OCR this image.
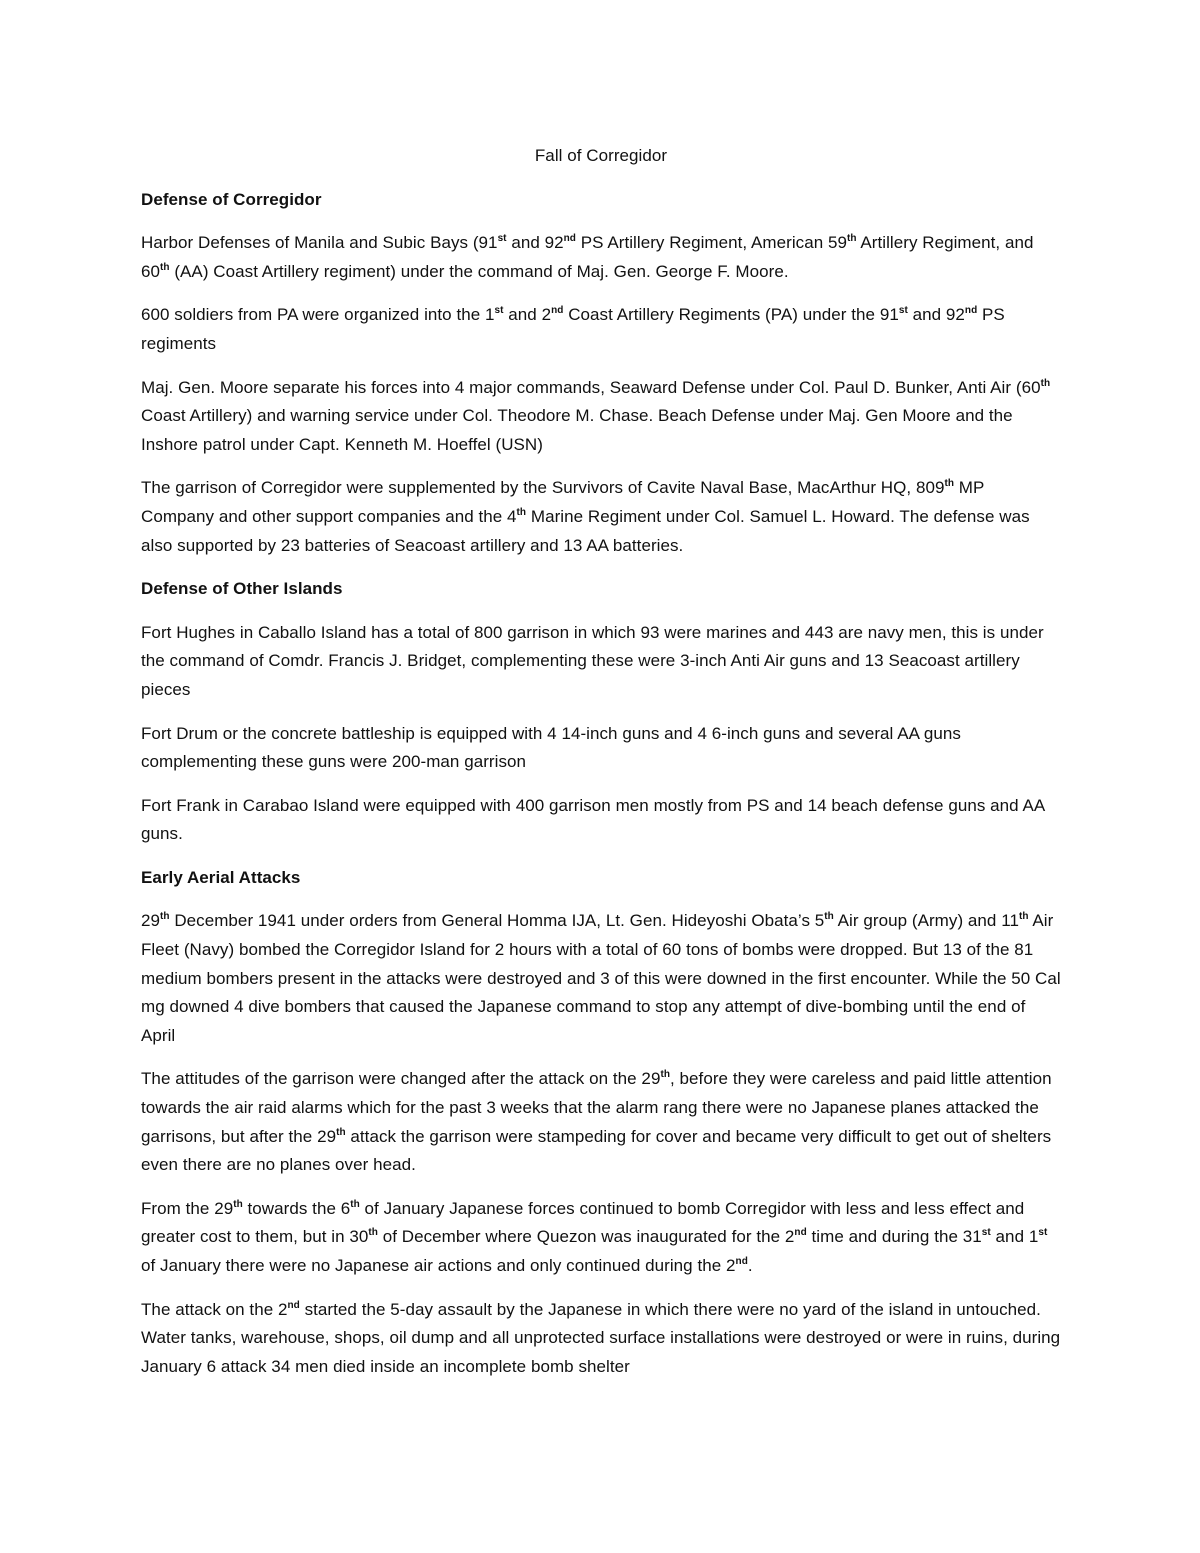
Fall of Corregidor
Defense of Corregidor
Harbor Defenses of Manila and Subic Bays (91st and 92nd PS Artillery Regiment, American 59th Artillery Regiment, and 60th (AA) Coast Artillery regiment) under the command of Maj. Gen. George F. Moore.
600 soldiers from PA were organized into the 1st and 2nd Coast Artillery Regiments (PA) under the 91st and 92nd PS regiments
Maj. Gen. Moore separate his forces into 4 major commands, Seaward Defense under Col. Paul D. Bunker, Anti Air (60th Coast Artillery) and warning service under Col. Theodore M. Chase. Beach Defense under Maj. Gen Moore and the Inshore patrol under Capt. Kenneth M. Hoeffel (USN)
The garrison of Corregidor were supplemented by the Survivors of Cavite Naval Base, MacArthur HQ, 809th MP Company and other support companies and the 4th Marine Regiment under Col. Samuel L. Howard. The defense was also supported by 23 batteries of Seacoast artillery and 13 AA batteries.
Defense of Other Islands
Fort Hughes in Caballo Island has a total of 800 garrison in which 93 were marines and 443 are navy men, this is under the command of Comdr. Francis J. Bridget, complementing these were 3-inch Anti Air guns and 13 Seacoast artillery pieces
Fort Drum or the concrete battleship is equipped with 4 14-inch guns and 4 6-inch guns and several AA guns complementing these guns were 200-man garrison
Fort Frank in Carabao Island were equipped with 400 garrison men mostly from PS and 14 beach defense guns and AA guns.
Early Aerial Attacks
29th December 1941 under orders from General Homma IJA, Lt. Gen. Hideyoshi Obata’s 5th Air group (Army) and 11th Air Fleet (Navy) bombed the Corregidor Island for 2 hours with a total of 60 tons of bombs were dropped. But 13 of the 81 medium bombers present in the attacks were destroyed and 3 of this were downed in the first encounter. While the 50 Cal mg downed 4 dive bombers that caused the Japanese command to stop any attempt of dive-bombing until the end of April
The attitudes of the garrison were changed after the attack on the 29th, before they were careless and paid little attention towards the air raid alarms which for the past 3 weeks that the alarm rang there were no Japanese planes attacked the garrisons, but after the 29th attack the garrison were stampeding for cover and became very difficult to get out of shelters even there are no planes over head.
From the 29th towards the 6th of January Japanese forces continued to bomb Corregidor with less and less effect and greater cost to them, but in 30th of December where Quezon was inaugurated for the 2nd time and during the 31st and 1st of January there were no Japanese air actions and only continued during the 2nd.
The attack on the 2nd started the 5-day assault by the Japanese in which there were no yard of the island in untouched. Water tanks, warehouse, shops, oil dump and all unprotected surface installations were destroyed or were in ruins, during January 6 attack 34 men died inside an incomplete bomb shelter
